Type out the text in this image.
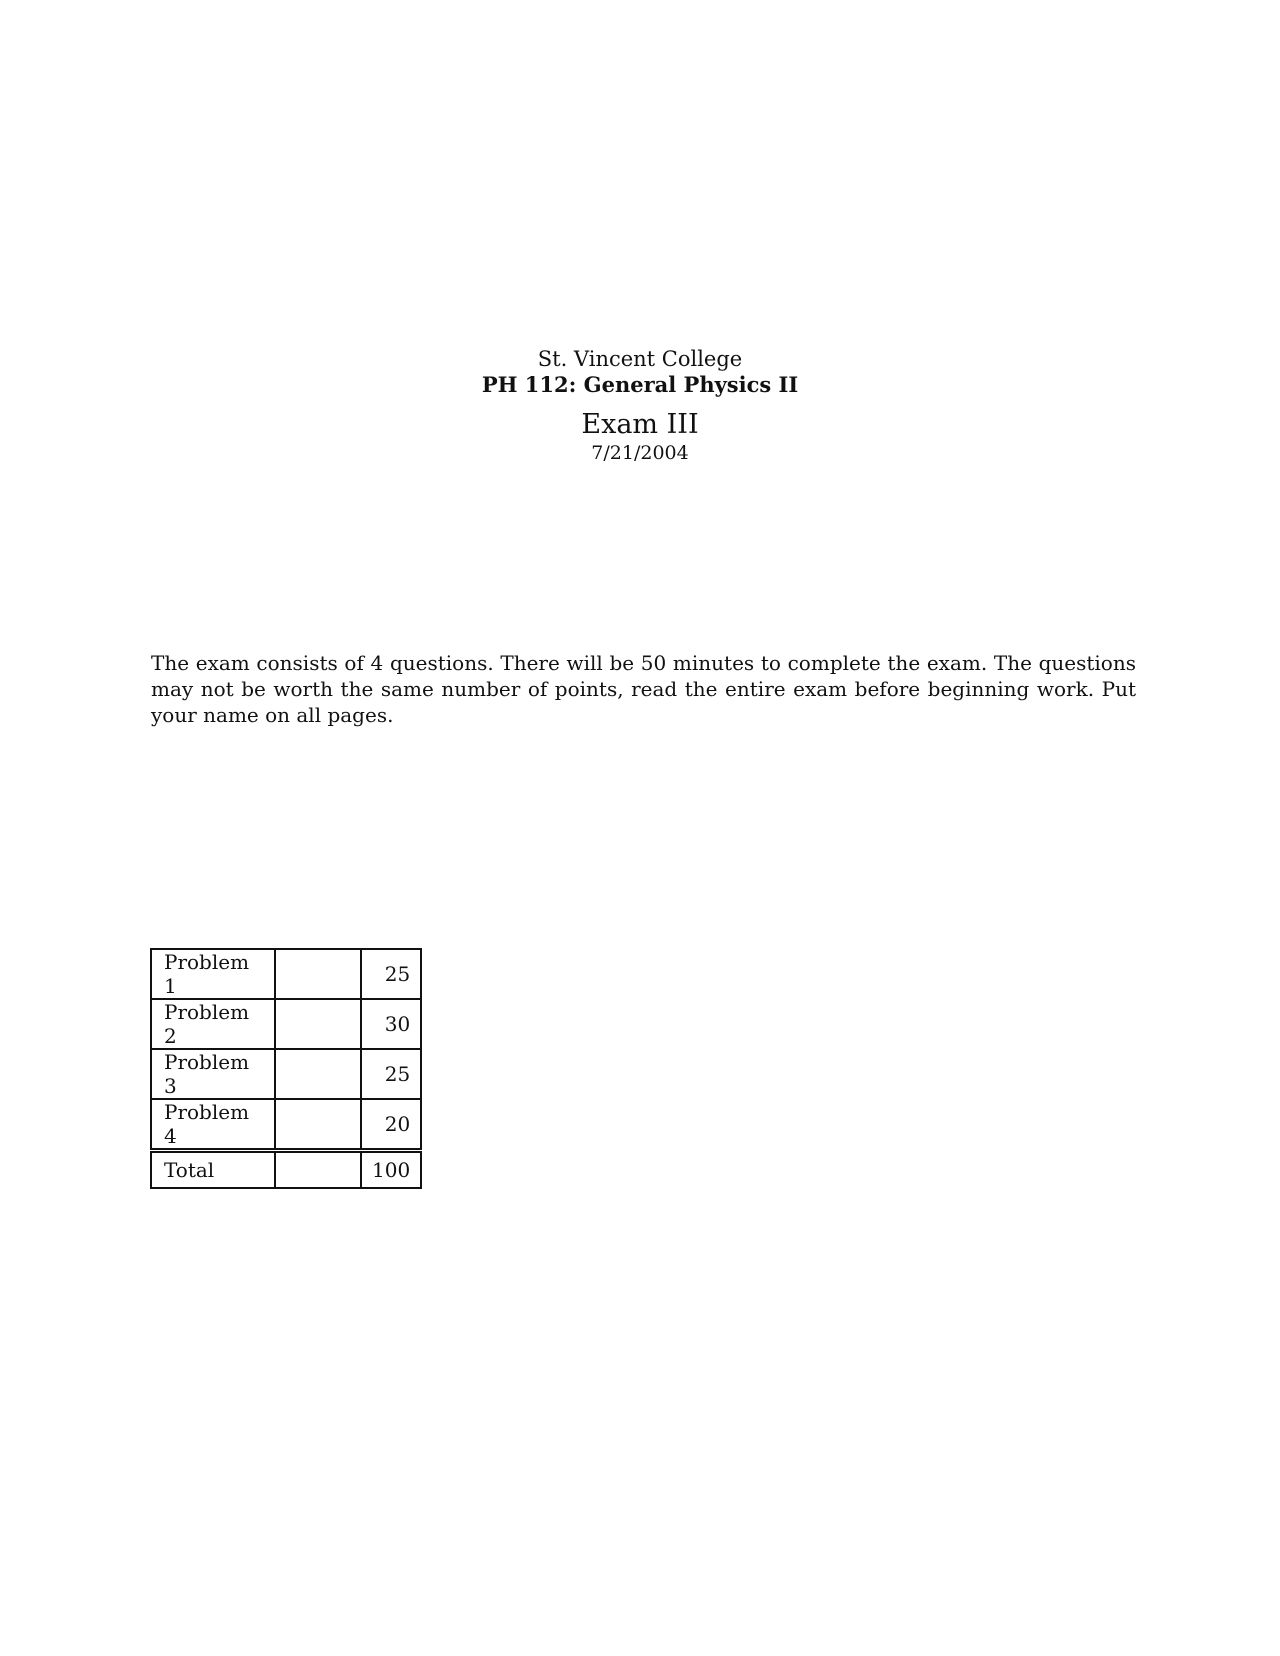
St. Vincent College
PH 112: General Physics II
Exam III
7/21/2004

The exam consists of 4 questions. There will be 50 minutes to complete the exam. The questions may not be worth the same number of points, read the entire exam before beginning work. Put your name on all pages.

Problem 1		25
Problem 2		30
Problem 3		25
Problem 4		20
Total		100
